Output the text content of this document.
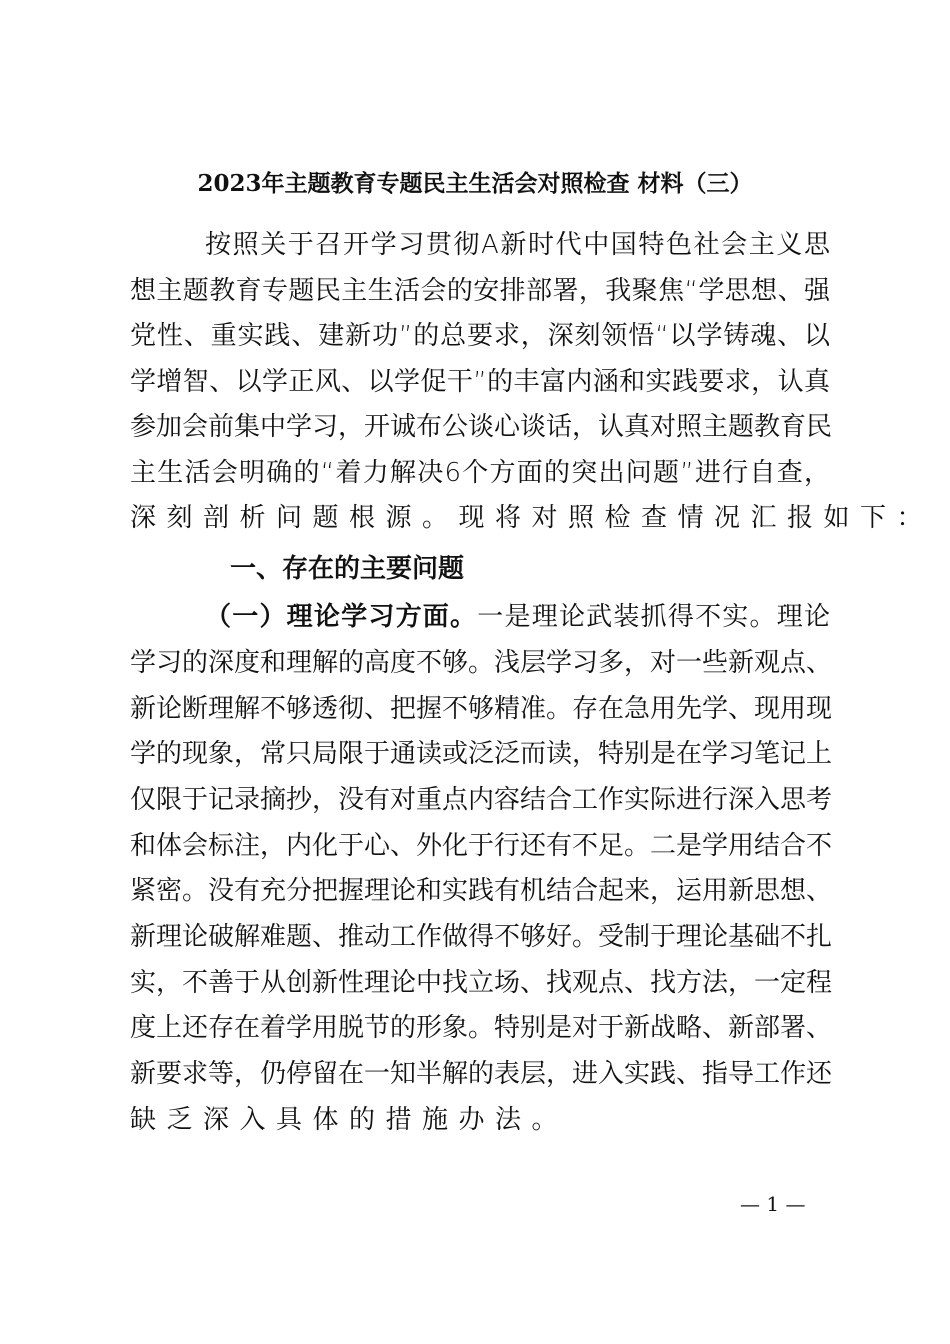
2023年主题教育专题民主生活会对照检查 材料（三）
按照关于召开学习贯彻A新时代中国特色社会主义思
想主题教育专题民主生活会的安排部署，我聚焦“学思想、强
党性、重实践、建新功”的总要求，深刻领悟“以学铸魂、以
学增智、以学正风、以学促干”的丰富内涵和实践要求，认真
参加会前集中学习，开诚布公谈心谈话，认真对照主题教育民
主生活会明确的“着力解决6个方面的突出问题”进行自查，
深刻剖析问题根源。现将对照检查情况汇报如下：
一、存在的主要问题
（一）理论学习方面。一是理论武装抓得不实。理论
学习的深度和理解的高度不够。浅层学习多，对一些新观点、
新论断理解不够透彻、把握不够精准。存在急用先学、现用现
学的现象，常只局限于通读或泛泛而读，特别是在学习笔记上
仅限于记录摘抄，没有对重点内容结合工作实际进行深入思考
和体会标注，内化于心、外化于行还有不足。二是学用结合不
紧密。没有充分把握理论和实践有机结合起来，运用新思想、
新理论破解难题、推动工作做得不够好。受制于理论基础不扎
实，不善于从创新性理论中找立场、找观点、找方法，一定程
度上还存在着学用脱节的形象。特别是对于新战略、新部署、
新要求等，仍停留在一知半解的表层，进入实践、指导工作还
缺乏深入具体的措施办法。
— 1 —
